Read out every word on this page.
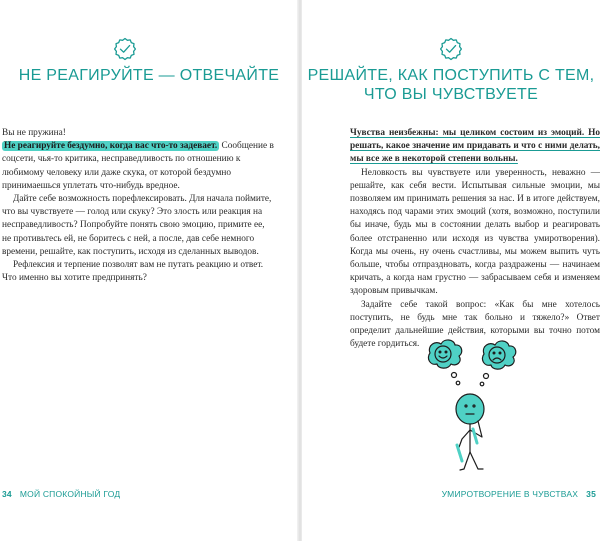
НЕ РЕАГИРУЙТЕ — ОТВЕЧАЙТЕ

Вы не пружина!

Не реагируйте бездумно, когда вас что-то задевает. Сообщение в соцсети, чья-то критика, несправедливость по отношению к любимому человеку или даже скука, от которой бездумно принимаешься уплетать что-нибудь вредное.

Дайте себе возможность порефлексировать. Для начала поймите, что вы чувствуете — голод или скуку? Это злость или реакция на несправедливость? Попробуйте понять свою эмоцию, примите ее, не противьтесь ей, не боритесь с ней, а после, дав себе немного времени, решайте, как поступить, исходя из сделанных выводов.

Рефлексия и терпение позволят вам не путать реакцию и ответ. Что именно вы хотите предпринять?

34 МОЙ СПОКОЙНЫЙ ГОД
РЕШАЙТЕ, КАК ПОСТУПИТЬ С ТЕМ,
ЧТО ВЫ ЧУВСТВУЕТЕ

Чувства неизбежны: мы целиком состоим из эмоций. Но решать, какое значение им придавать и что с ними делать, мы все же в некоторой степени вольны.

Неловкость вы чувствуете или уверенность, неважно — решайте, как себя вести. Испытывая сильные эмоции, мы позволяем им принимать решения за нас. И в итоге действуем, находясь под чарами этих эмоций (хотя, возможно, поступили бы иначе, будь мы в состоянии делать выбор и реагировать более отстраненно или исходя из чувства умиротворения). Когда мы очень, ну очень счастливы, мы можем выпить чуть больше, чтобы отпраздновать, когда раздражены — начинаем кричать, а когда нам грустно — забрасываем себя и изменяем здоровым привычкам.

Задайте себе такой вопрос: «Как бы мне хотелось поступить, не будь мне так больно и тяжело?» Ответ определит дальнейшие действия, которыми вы точно потом будете гордиться.

УМИРОТВОРЕНИЕ В ЧУВСТВАХ 35
